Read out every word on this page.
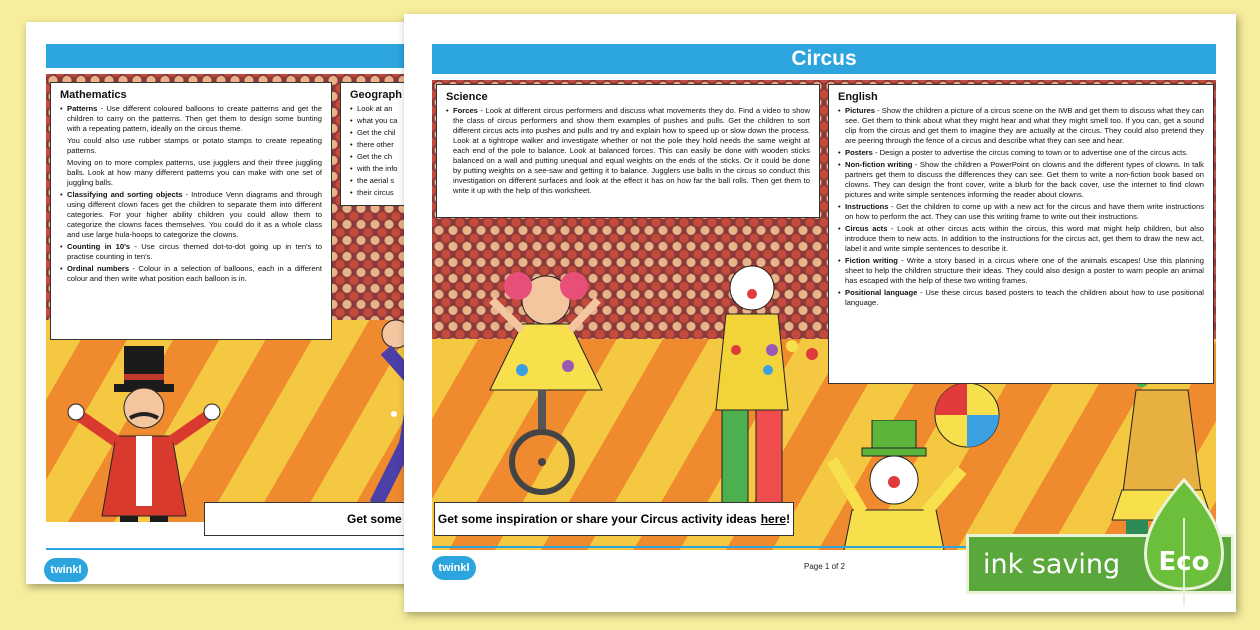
Mathematics
• Patterns - Use different coloured balloons to create patterns and get the children to carry on the patterns. Then get them to design some bunting with a repeating pattern, ideally on the circus theme.

You could also use rubber stamps or potato stamps to create repeating patterns.

Moving on to more complex patterns, use jugglers and their three juggling balls. Look at how many different patterns you can make with one set of juggling balls.

• Classifying and sorting objects - Introduce Venn diagrams and through using different clown faces get the children to separate them into different categories. For your higher ability children you could allow them to categorize the clowns faces themselves. You could do it as a whole class and use large hula-hoops to categorize the clowns.
• Counting in 10's - Use circus themed dot-to-dot going up in ten's to practise counting in ten's.
• Ordinal numbers - Colour in a selection of balloons, each in a different colour and then write what position each balloon is in.
Geograph
• Look at an
• what you ca
• Get the chil
• there other
• Get the ch
• with the info
• the aerial s
• their circus
Get some
twinkl
Circus
Science
• Forces - Look at different circus performers and discuss what movements they do. Find a video to show the class of circus performers and show them examples of pushes and pulls. Get the children to sort different circus acts into pushes and pulls and try and explain how to speed up or slow down the process. Look at a tightrope walker and investigate whether or not the pole they hold needs the same weight at each end of the pole to balance. Look at balanced forces. This can easily be done with wooden sticks balanced on a wall and putting unequal and equal weights on the ends of the sticks. Or it could be done by putting weights on a see-saw and getting it to balance. Jugglers use balls in the circus so conduct this investigation on different surfaces and look at the effect it has on how far the ball rolls. Then get them to write it up with the help of this worksheet.
English
• Pictures - Show the children a picture of a circus scene on the IWB and get them to discuss what they can see. Get them to think about what they might hear and what they might smell too. If you can, get a sound clip from the circus and get them to imagine they are actually at the circus. They could also pretend they are peering through the fence of a circus and describe what they can see and hear.
• Posters - Design a poster to advertise the circus coming to town or to advertise one of the circus acts.
• Non-fiction writing - Show the children a PowerPoint on clowns and the different types of clowns. In talk partners get them to discuss the differences they can see. Get them to write a non-fiction book based on clowns. They can design the front cover, write a blurb for the back cover, use the internet to find clown pictures and write simple sentences informing the reader about clowns.
• Instructions - Get the children to come up with a new act for the circus and have them write instructions on how to perform the act. They can use this writing frame to write out their instructions.
• Circus acts - Look at other circus acts within the circus, this word mat might help children, but also introduce them to new acts. In addition to the instructions for the circus act, get them to draw the new act, label it and write simple sentences to describe it.
• Fiction writing - Write a story based in a circus where one of the animals escapes! Use this planning sheet to help the children structure their ideas. They could also design a poster to warn people an animal has escaped with the help of these two writing frames.
• Positional language - Use these circus based posters to teach the children about how to use positional language.
Get some inspiration or share your Circus activity ideas here !
twinkl	Page 1 of 2	ink saving Eco
